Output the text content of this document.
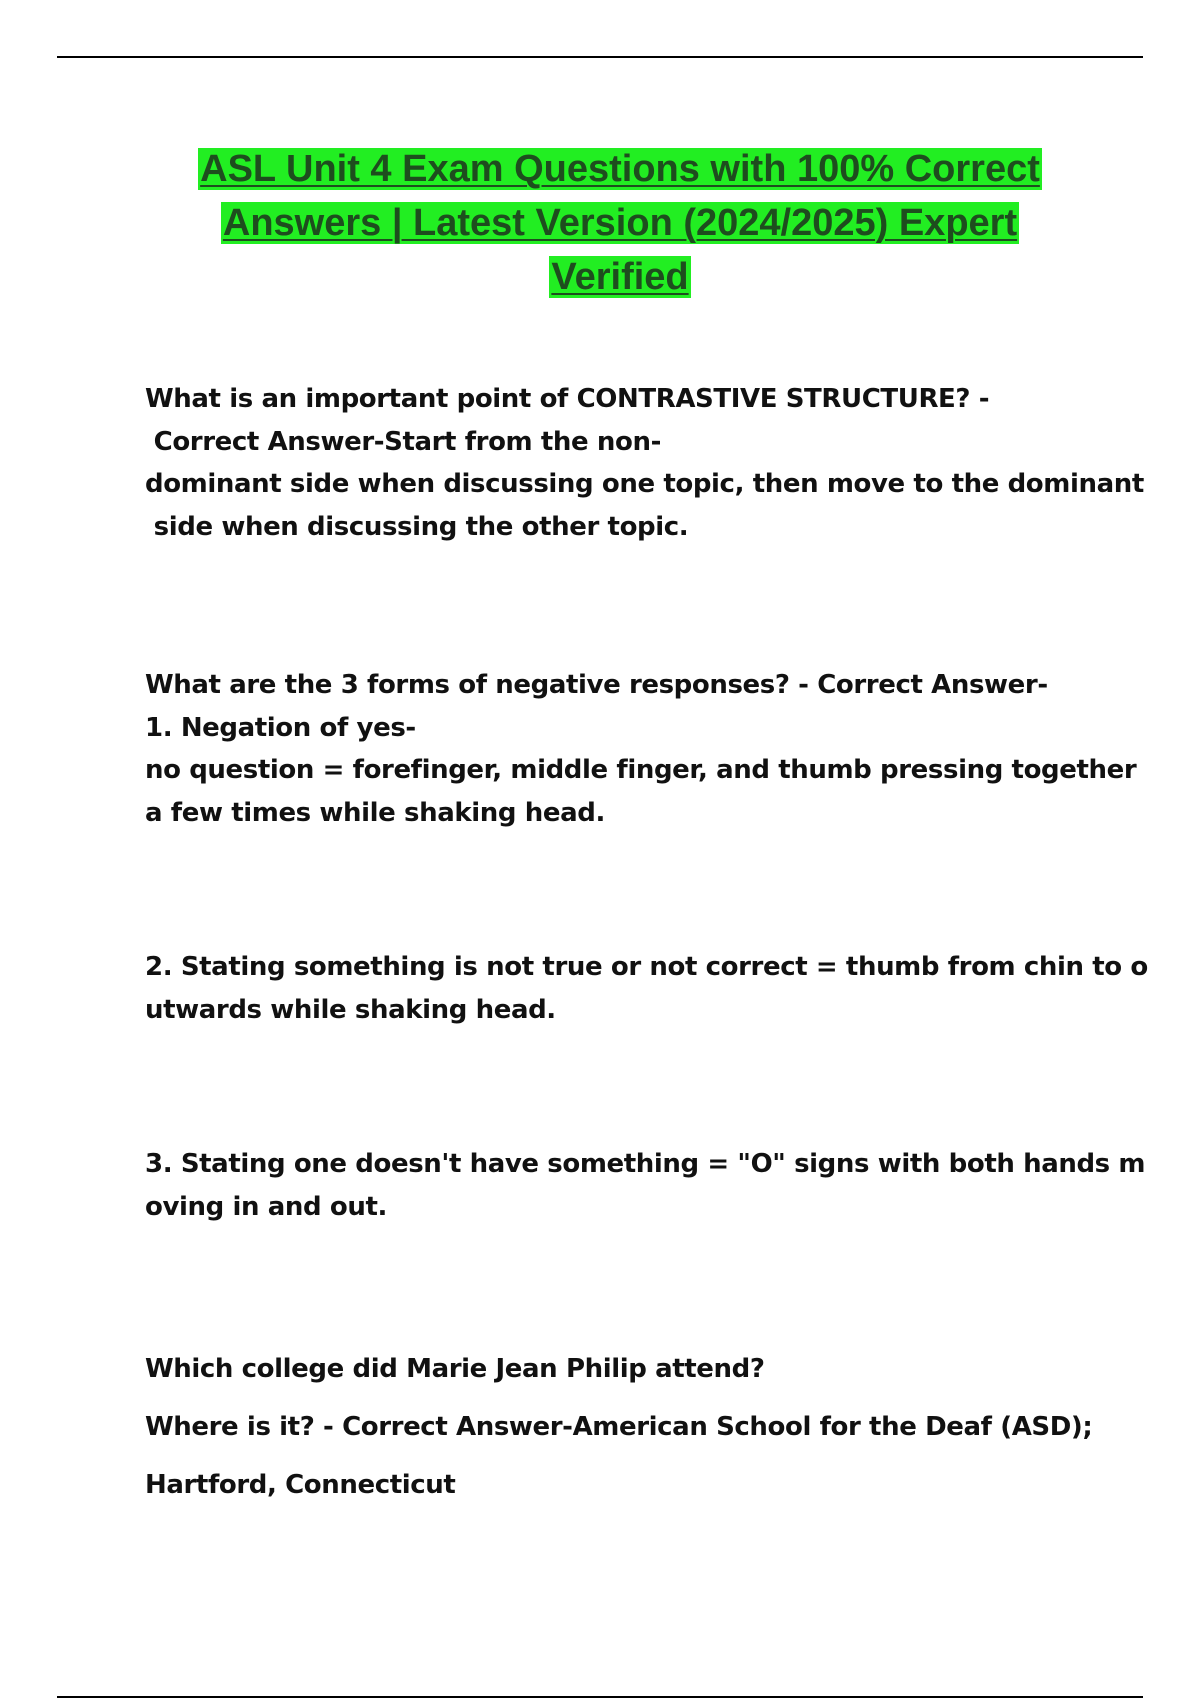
ASL Unit 4 Exam Questions with 100% Correct
Answers | Latest Version (2024/2025) Expert
Verified
What is an important point of CONTRASTIVE STRUCTURE? -
Correct Answer-Start from the non-
dominant side when discussing one topic, then move to the dominant
side when discussing the other topic.
What are the 3 forms of negative responses? - Correct Answer-
1. Negation of yes-
no question = forefinger, middle finger, and thumb pressing together
a few times while shaking head.
2. Stating something is not true or not correct = thumb from chin to o
utwards while shaking head.
3. Stating one doesn't have something = "O" signs with both hands m
oving in and out.
Which college did Marie Jean Philip attend?
Where is it? - Correct Answer-American School for the Deaf (ASD);
Hartford, Connecticut
